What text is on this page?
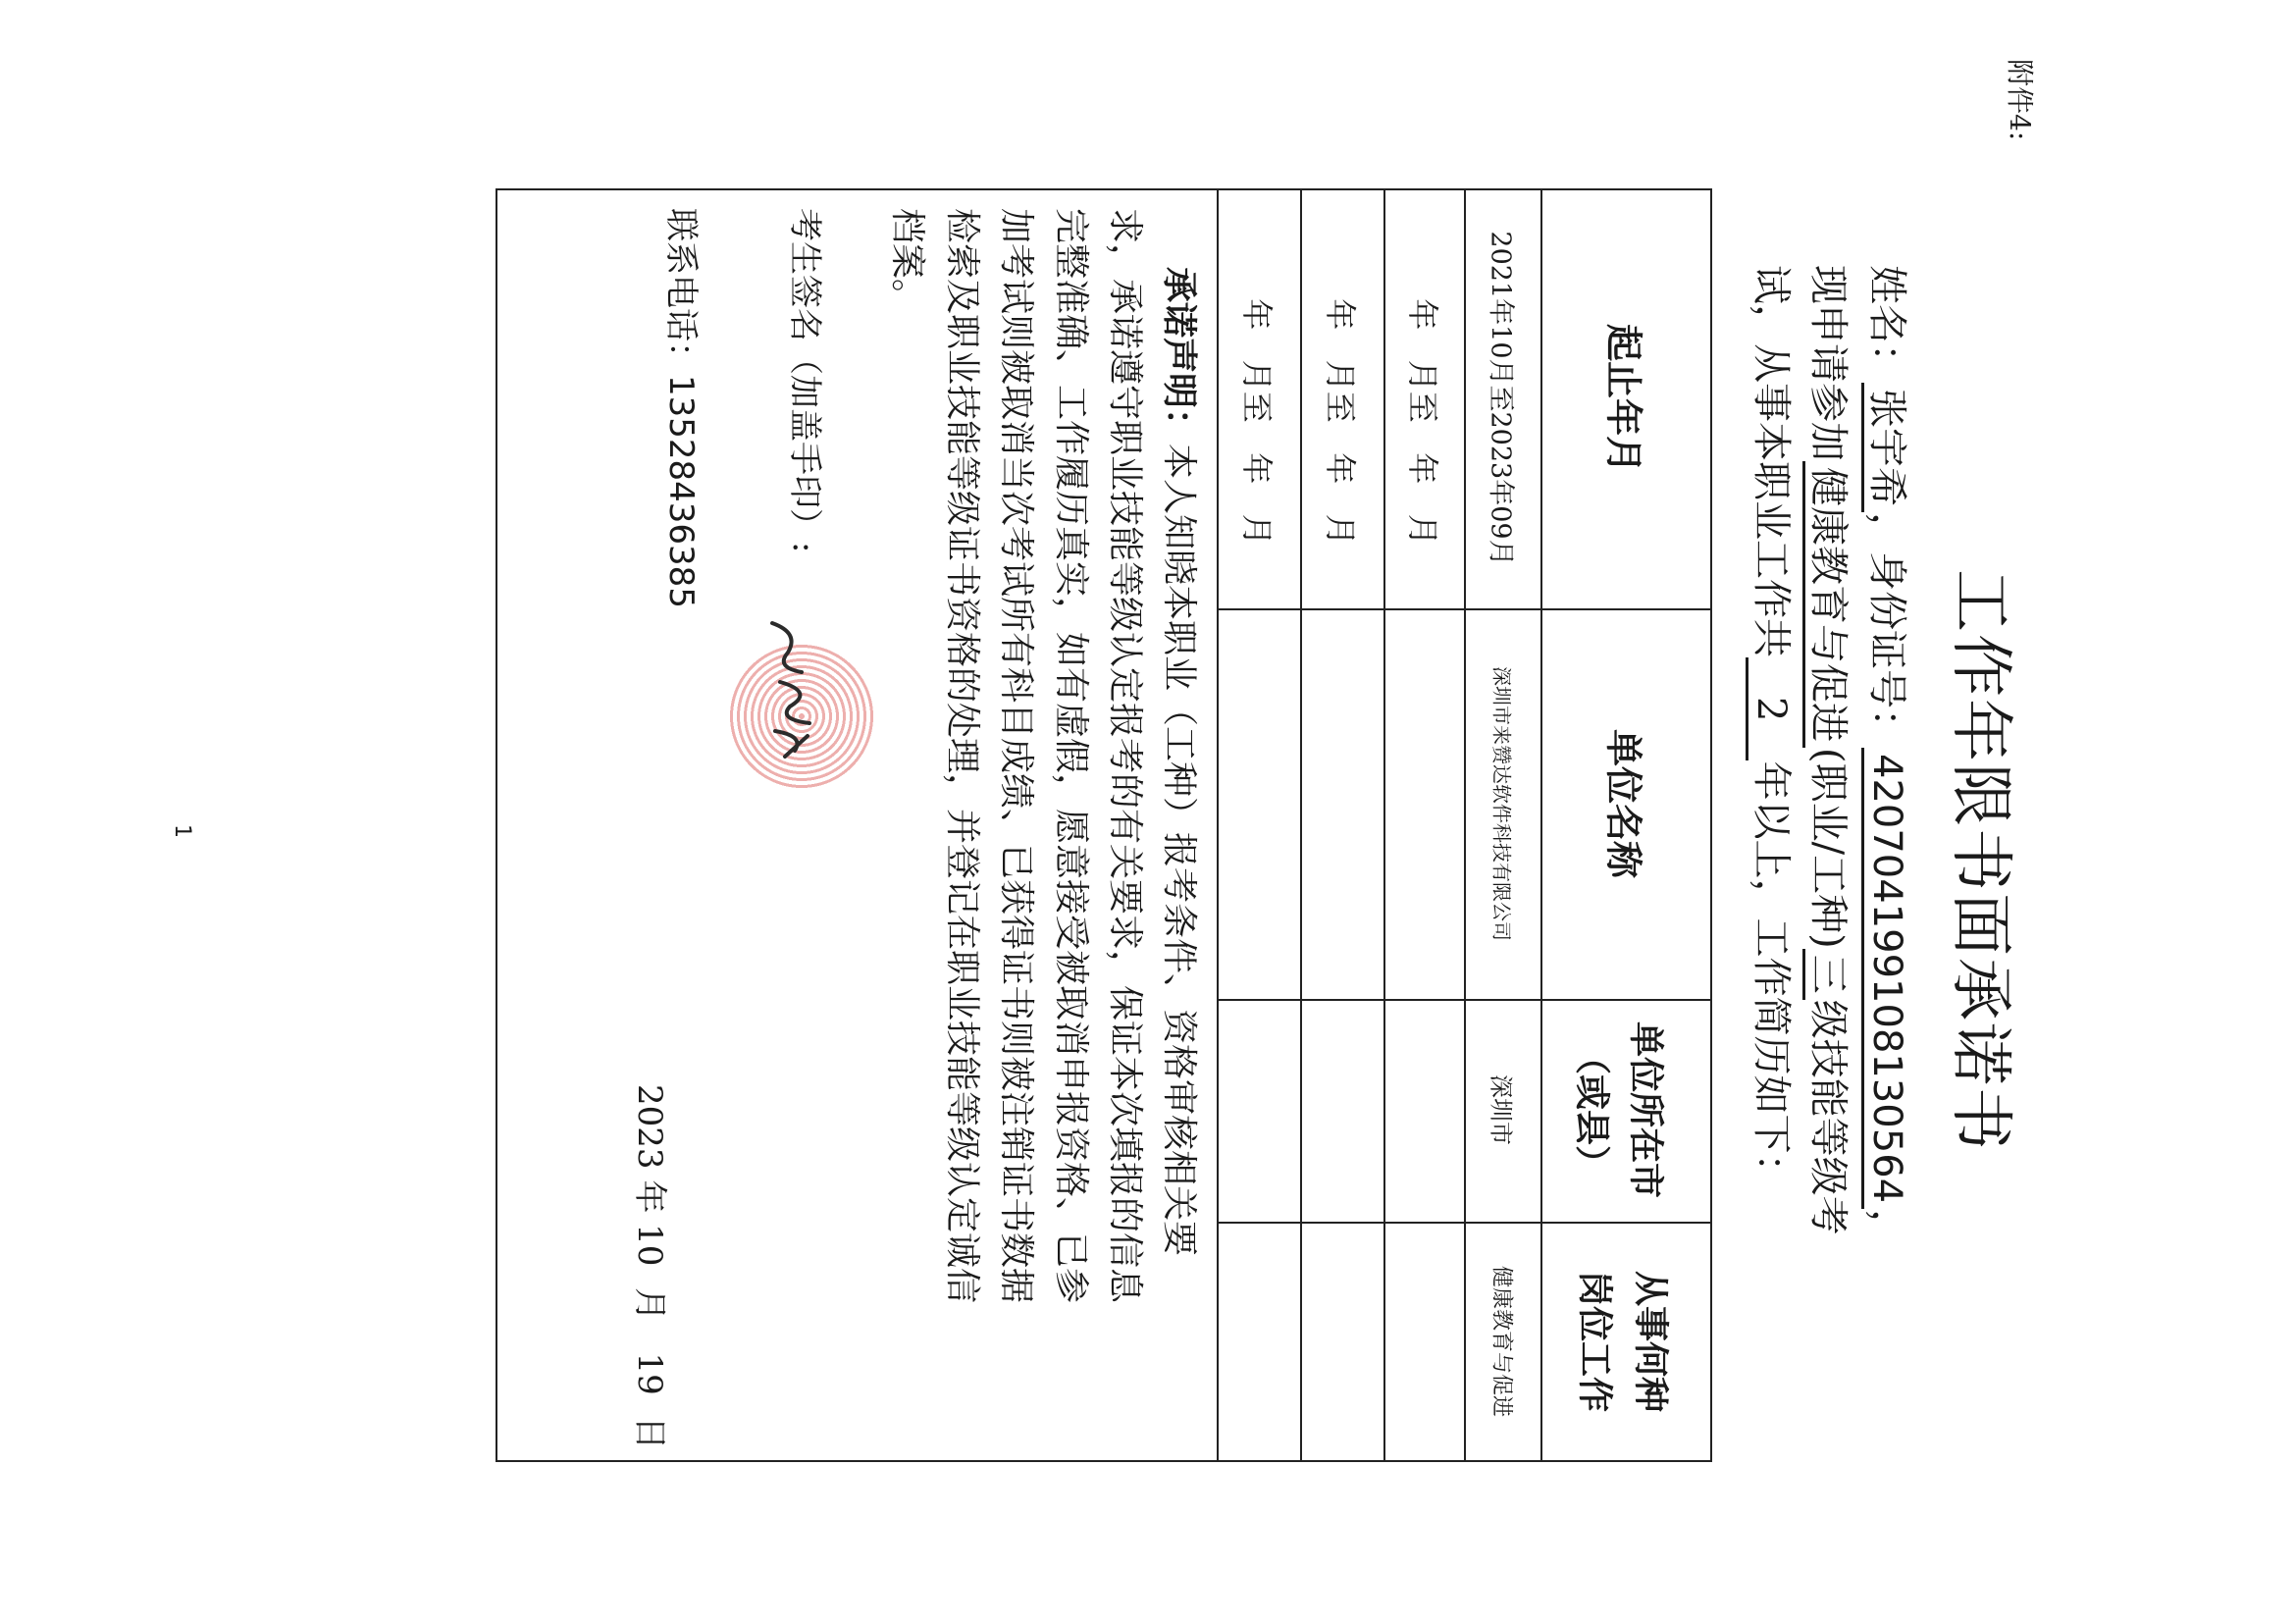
附件4:
1	工作年限书面承诺书
姓名：张宇希，身份证号：420704199108130564，
现申请参加健康教育与促进(职业/工种)三级技能等级考
试，从事本职业工作共2年以上，工作简历如下：
起止年月
单位名称
单位所在市
（或县）
从事何种
岗位工作
2021年10月至2023年09月
深圳市来赞达软件科技有限公司
深圳市
健康教育与促进
年   月至   年   月
年   月至   年   月
年   月至   年   月
承诺声明：本人知晓本职业（工种）报考条件、资格审核相关要
求，承诺遵守职业技能等级认定报考的有关要求，保证本次填报的信息
完整准确、工作履历真实，如有虚假，愿意接受被取消申报资格、已参
加考试则被取消当次考试所有科目成绩、已获得证书则被注销证书数据
检索及职业技能等级证书资格的处理，并登记在职业技能等级认定诚信
档案。
考生签名（加盖手印）:
2023 年 10  月   19  日
联系电话：13528436385
